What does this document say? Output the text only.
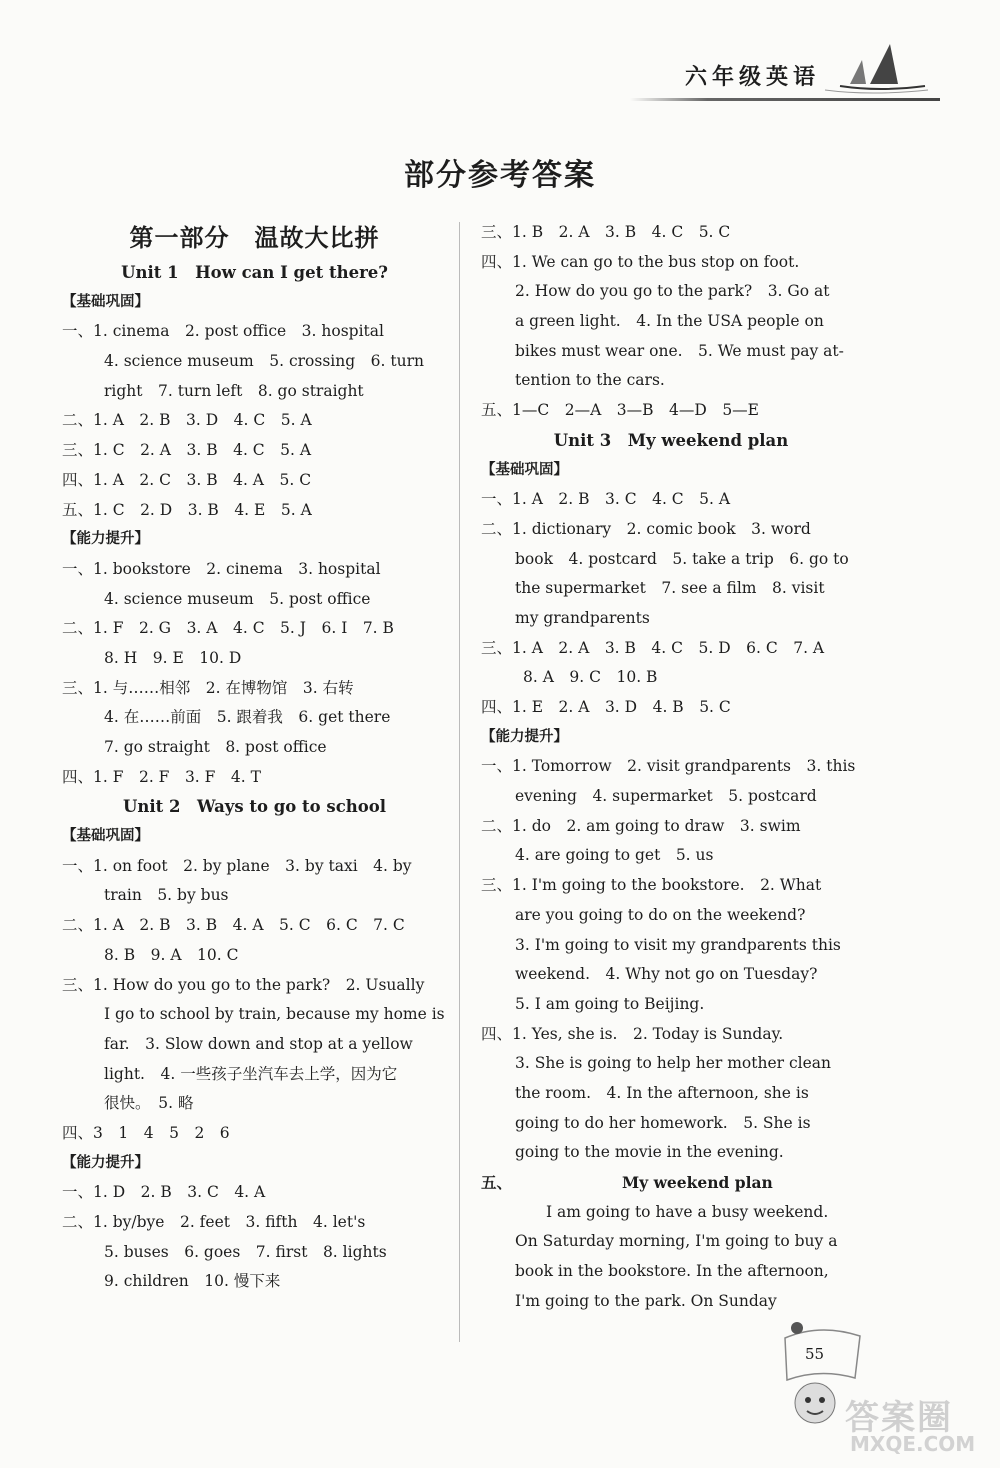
六年级英语
部分参考答案
第一部分　温故大比拼
Unit 1　How can I get there?
【基础巩固】
一、1. cinema　2. post office　3. hospital
4. science museum　5. crossing　6. turn
right　7. turn left　8. go straight
二、1. A　2. B　3. D　4. C　5. A
三、1. C　2. A　3. B　4. C　5. A
四、1. A　2. C　3. B　4. A　5. C
五、1. C　2. D　3. B　4. E　5. A
【能力提升】
一、1. bookstore　2. cinema　3. hospital
4. science museum　5. post office
二、1. F　2. G　3. A　4. C　5. J　6. I　7. B
8. H　9. E　10. D
三、1. 与……相邻　2. 在博物馆　3. 右转
4. 在……前面　5. 跟着我　6. get there
7. go straight　8. post office
四、1. F　2. F　3. F　4. T
Unit 2　Ways to go to school
【基础巩固】
一、1. on foot　2. by plane　3. by taxi　4. by
train　5. by bus
二、1. A　2. B　3. B　4. A　5. C　6. C　7. C
8. B　9. A　10. C
三、1. How do you go to the park?　2. Usually
I go to school by train, because my home is
far.　3. Slow down and stop at a yellow
light.　4. 一些孩子坐汽车去上学，因为它
很快。　5. 略
四、3　1　4　5　2　6
【能力提升】
一、1. D　2. B　3. C　4. A
二、1. by/bye　2. feet　3. fifth　4. let's
5. buses　6. goes　7. first　8. lights
9. children　10. 慢下来
三、1. B　2. A　3. B　4. C　5. C
四、1. We can go to the bus stop on foot.
2. How do you go to the park?　3. Go at
a green light.　4. In the USA people on
bikes must wear one.　5. We must pay at-
tention to the cars.
五、1—C　2—A　3—B　4—D　5—E
Unit 3　My weekend plan
【基础巩固】
一、1. A　2. B　3. C　4. C　5. A
二、1. dictionary　2. comic book　3. word
book　4. postcard　5. take a trip　6. go to
the supermarket　7. see a film　8. visit
my grandparents
三、1. A　2. A　3. B　4. C　5. D　6. C　7. A
8. A　9. C　10. B
四、1. E　2. A　3. D　4. B　5. C
【能力提升】
一、1. Tomorrow　2. visit grandparents　3. this
evening　4. supermarket　5. postcard
二、1. do　2. am going to draw　3. swim
4. are going to get　5. us
三、1. I'm going to the bookstore.　2. What
are you going to do on the weekend?
3. I'm going to visit my grandparents this
weekend.　4. Why not go on Tuesday?
5. I am going to Beijing.
四、1. Yes, she is.　2. Today is Sunday.
3. She is going to help her mother clean
the room.　4. In the afternoon, she is
going to do her homework.　5. She is
going to the movie in the evening.
五、	My weekend plan
　　I am going to have a busy weekend.
On Saturday morning, I'm going to buy a
book in the bookstore. In the afternoon,
I'm going to the park. On Sunday
55
答案圈
MXQE.COM
